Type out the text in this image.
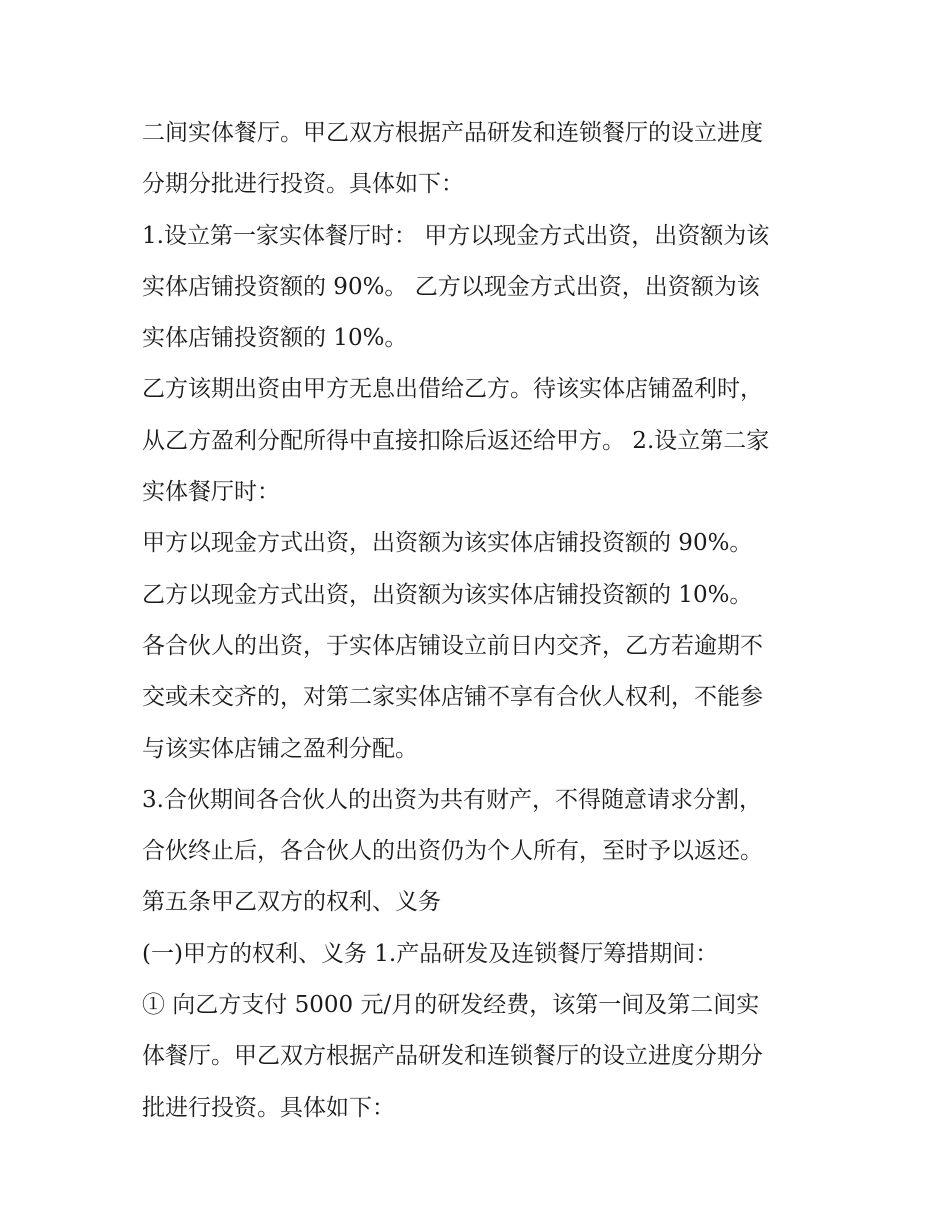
二间实体餐厅。甲乙双方根据产品研发和连锁餐厅的设立进度
分期分批进行投资。具体如下：
1.设立第一家实体餐厅时： 甲方以现金方式出资，出资额为该
实体店铺投资额的 90%。 乙方以现金方式出资，出资额为该
实体店铺投资额的 10%。
乙方该期出资由甲方无息出借给乙方。待该实体店铺盈利时，
从乙方盈利分配所得中直接扣除后返还给甲方。 2.设立第二家
实体餐厅时：
甲方以现金方式出资，出资额为该实体店铺投资额的 90%。
乙方以现金方式出资，出资额为该实体店铺投资额的 10%。
各合伙人的出资，于实体店铺设立前日内交齐，乙方若逾期不
交或未交齐的，对第二家实体店铺不享有合伙人权利，不能参
与该实体店铺之盈利分配。
3.合伙期间各合伙人的出资为共有财产，不得随意请求分割，
合伙终止后，各合伙人的出资仍为个人所有，至时予以返还。
第五条甲乙双方的权利、义务
(一)甲方的权利、义务 1.产品研发及连锁餐厅筹措期间：
① 向乙方支付 5000 元/月的研发经费，该第一间及第二间实
体餐厅。甲乙双方根据产品研发和连锁餐厅的设立进度分期分
批进行投资。具体如下：
